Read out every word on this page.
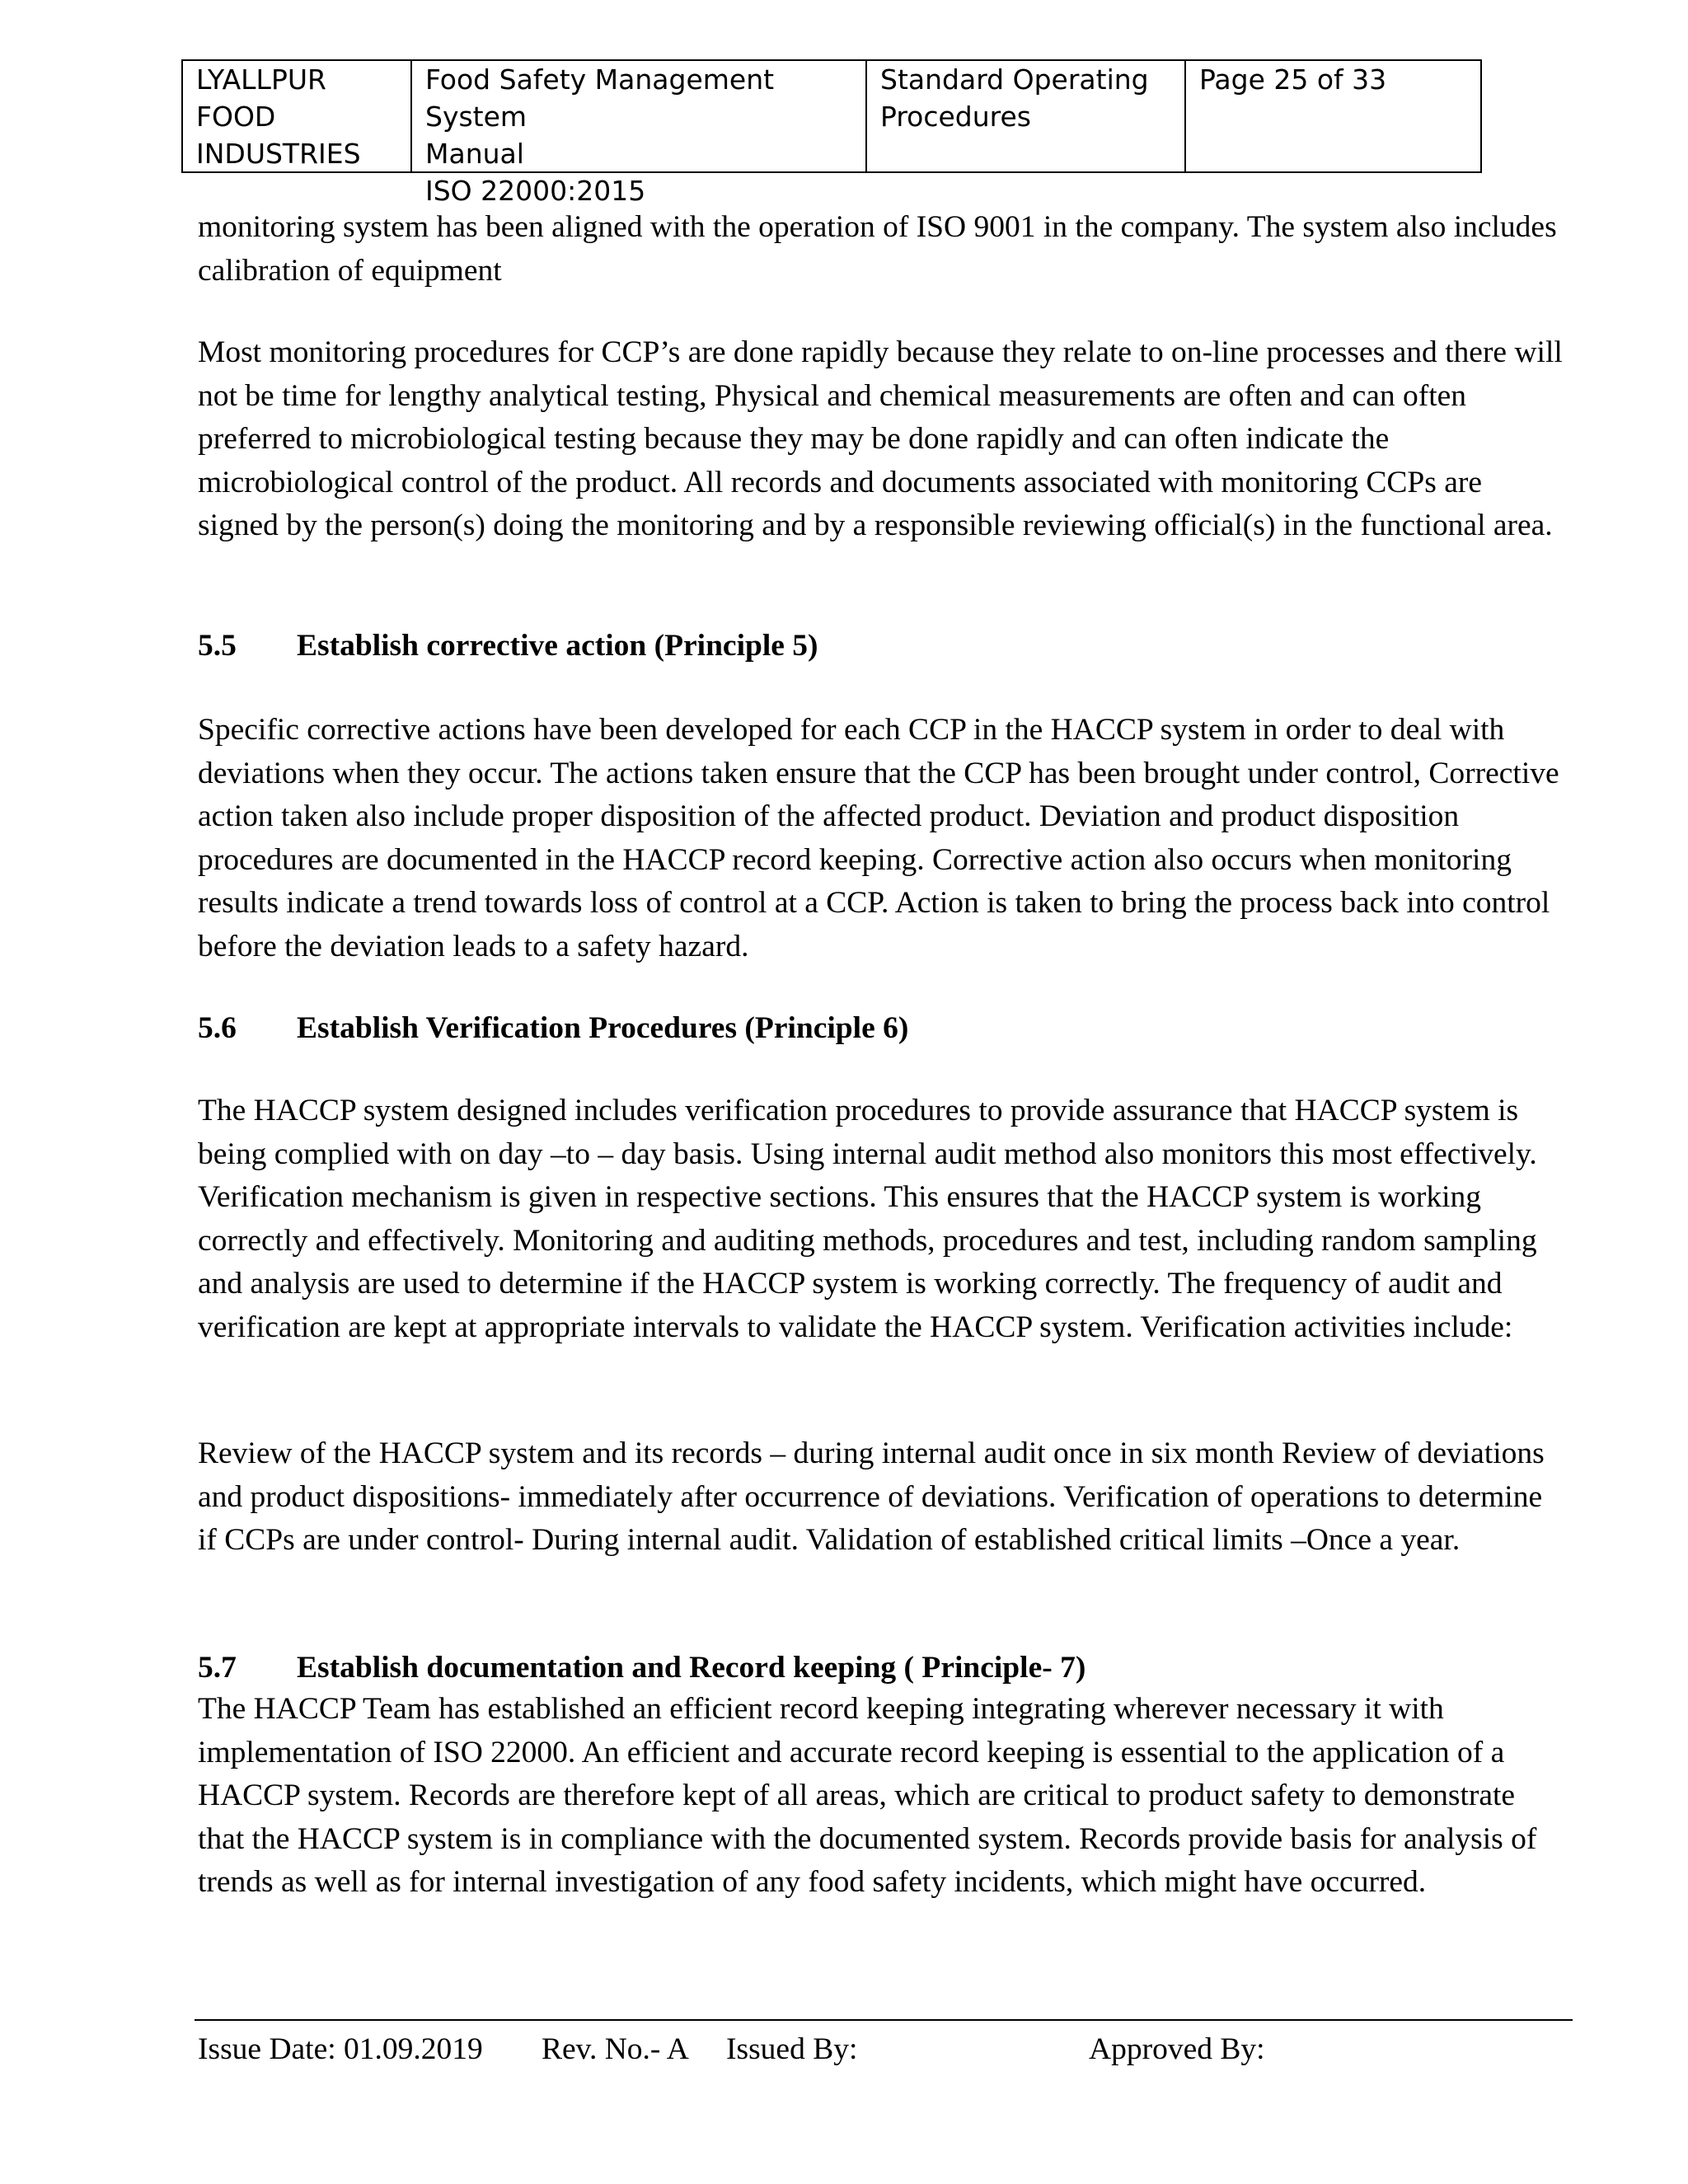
LYALLPUR
FOOD
INDUSTRIES
Food Safety Management System
Manual
ISO 22000:2015
Standard Operating
Procedures
Page 25 of 33

monitoring system has been aligned with the operation of ISO 9001 in the company. The system also includes calibration of equipment

Most monitoring procedures for CCP’s are done rapidly because they relate to on-line processes and there will not be time for lengthy analytical testing, Physical and chemical measurements are often and can often preferred to microbiological testing because they may be done rapidly and can often indicate the microbiological control of the product. All records and documents associated with monitoring CCPs are signed by the person(s) doing the monitoring and by a responsible reviewing official(s) in the functional area.

5.5 Establish corrective action (Principle 5)

Specific corrective actions have been developed for each CCP in the HACCP system in order to deal with deviations when they occur. The actions taken ensure that the CCP has been brought under control, Corrective action taken also include proper disposition of the affected product. Deviation and product disposition procedures are documented in the HACCP record keeping. Corrective action also occurs when monitoring results indicate a trend towards loss of control at a CCP. Action is taken to bring the process back into control before the deviation leads to a safety hazard.

5.6 Establish Verification Procedures (Principle 6)

The HACCP system designed includes verification procedures to provide assurance that HACCP system is being complied with on day –to – day basis. Using internal audit method also monitors this most effectively. Verification mechanism is given in respective sections. This ensures that the HACCP system is working correctly and effectively. Monitoring and auditing methods, procedures and test, including random sampling and analysis are used to determine if the HACCP system is working correctly. The frequency of audit and verification are kept at appropriate intervals to validate the HACCP system. Verification activities include:

Review of the HACCP system and its records – during internal audit once in six month Review of deviations and product dispositions- immediately after occurrence of deviations. Verification of operations to determine if CCPs are under control- During internal audit. Validation of established critical limits –Once a year.

5.7 Establish documentation and Record keeping ( Principle- 7)

The HACCP Team has established an efficient record keeping integrating wherever necessary it with implementation of ISO 22000. An efficient and accurate record keeping is essential to the application of a HACCP system. Records are therefore kept of all areas, which are critical to product safety to demonstrate that the HACCP system is in compliance with the documented system. Records provide basis for analysis of trends as well as for internal investigation of any food safety incidents, which might have occurred.

Issue Date: 01.09.2019 Rev. No.- A Issued By:	Approved By:
